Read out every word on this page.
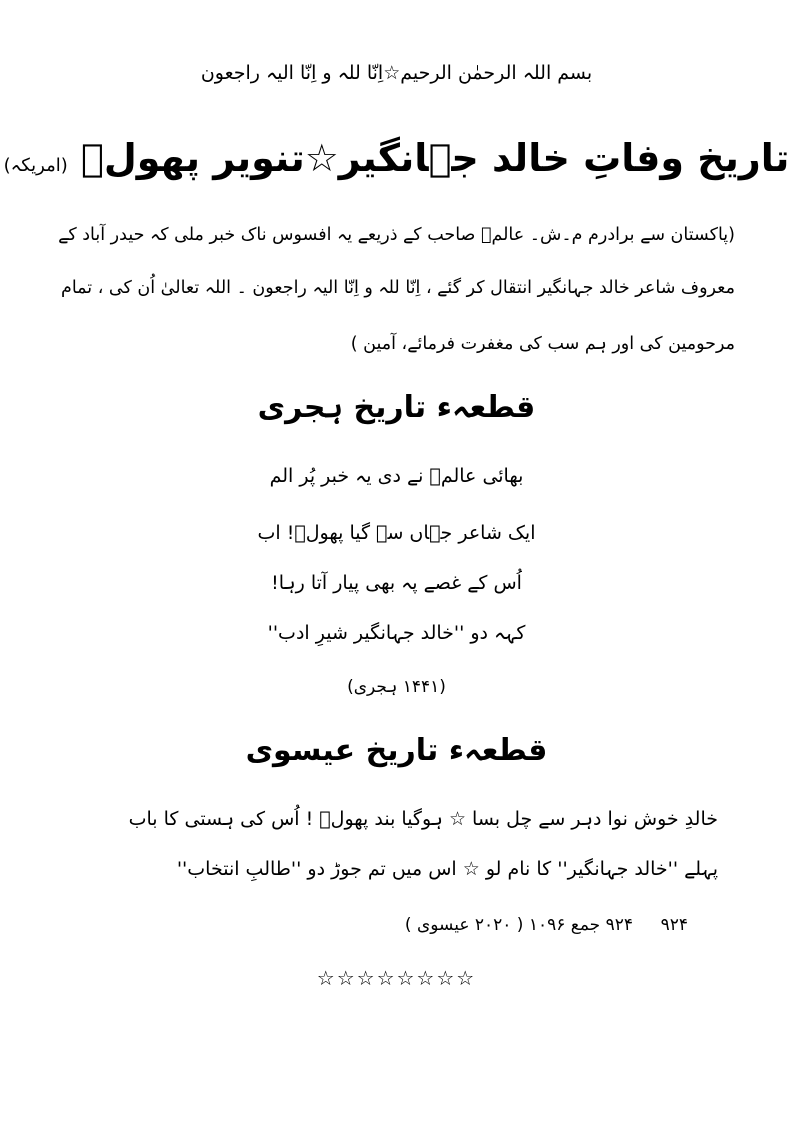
بسم اللہ الرحمٰن الرحیم☆اِنّا للہ و اِنّا الیہ راجعون
تاریخ وفاتِ خالد جہانگیر☆تنویر پھولؔ (امریکہ)
(پاکستان سے برادرم م۔ش۔ عالمؔ صاحب کے ذریعے یہ افسوس ناک خبر ملی کہ حیدر آباد کے
معروف شاعر خالد جہانگیر انتقال کر گئے ، اِنّا للہ و اِنّا الیہ راجعون ۔ اللہ تعالیٰ اُن کی ، تمام
مرحومین کی اور ہم سب کی مغفرت فرمائے، آمین )
قطعہء تاریخ ہجری
بھائی عالمؔ نے دی یہ خبر پُر الم
ایک شاعر جہاں سے گیا پھولؔ! اب
اُس کے غصے پہ بھی پیار آتا رہا!
کہہ دو ''خالد جہانگیر شیرِ ادب''
(۱۴۴۱ ہجری)
قطعہء تاریخ عیسوی
خالدِ خوش نوا دہر سے چل بسا ☆ ہوگیا بند پھولؔ ! اُس کی ہستی کا باب
پہلے ''خالد جہانگیر'' کا نام لو ☆ اس میں تم جوڑ دو ''طالبِ انتخاب''
۹۲۴
۹۲۴ جمع ۱۰۹۶ ( ۲۰۲۰ عیسوی )
☆☆☆☆☆☆☆☆
